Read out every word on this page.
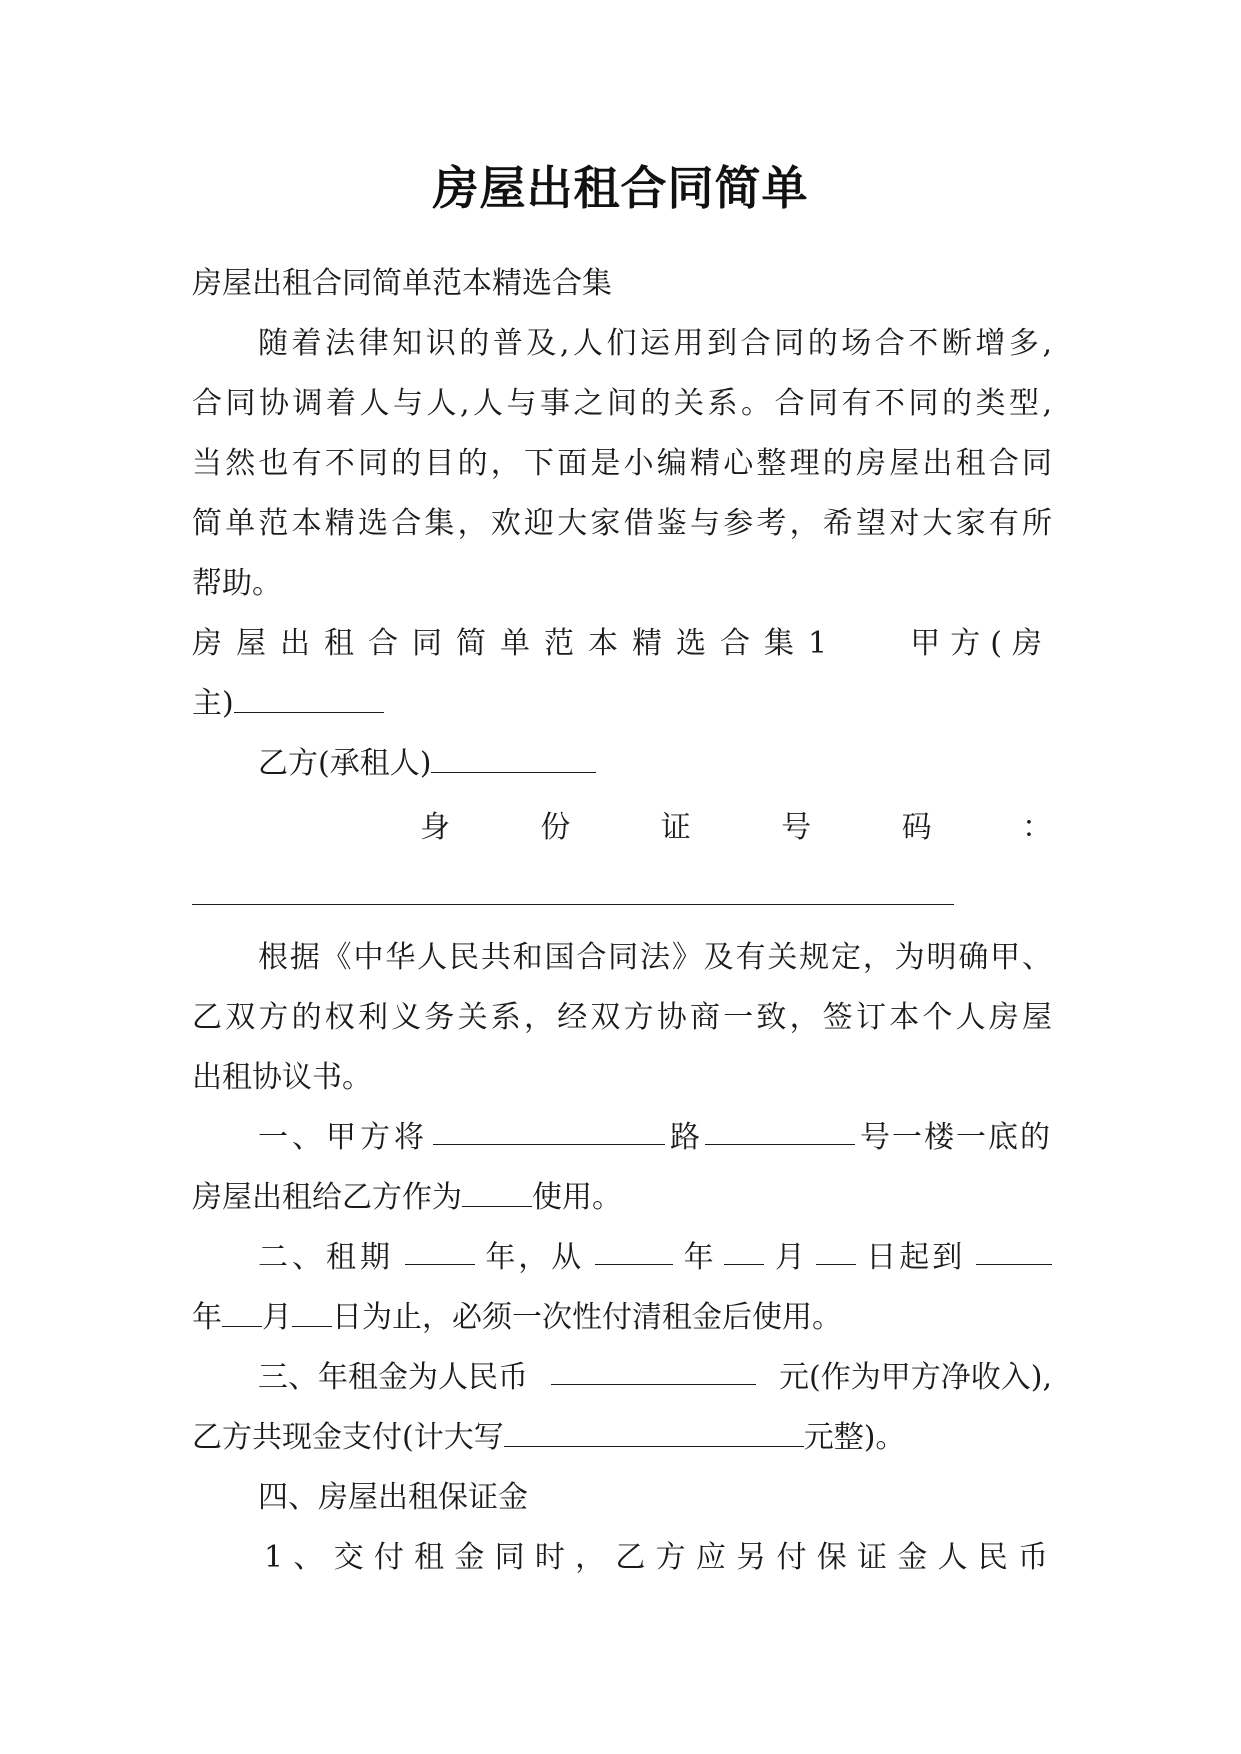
房屋出租合同简单
房屋出租合同简单范本精选合集
随着法律知识的普及,人们运用到合同的场合不断增多,
合同协调着人与人,人与事之间的关系。合同有不同的类型,
当然也有不同的目的，下面是小编精心整理的房屋出租合同
简单范本精选合集，欢迎大家借鉴与参考，希望对大家有所
帮助。
房屋出租合同简单范本精选合集1 甲方(房
主)
乙方(承租人)
身	份	证	号	码	：
根据《中华人民共和国合同法》及有关规定，为明确甲、
乙双方的权利义务关系，经双方协商一致，签订本个人房屋
出租协议书。
一、甲方将	路	号一楼一底的
房屋出租给乙方作为 使用。
二、租期	年，从	年 月 日起到
年 月 日为止，必须一次性付清租金后使用。
三、年租金为人民币	元(作为甲方净收入),
乙方共现金支付(计大写	元整)。
四、房屋出租保证金
1、交付租金同时，乙方应另付保证金人民币
